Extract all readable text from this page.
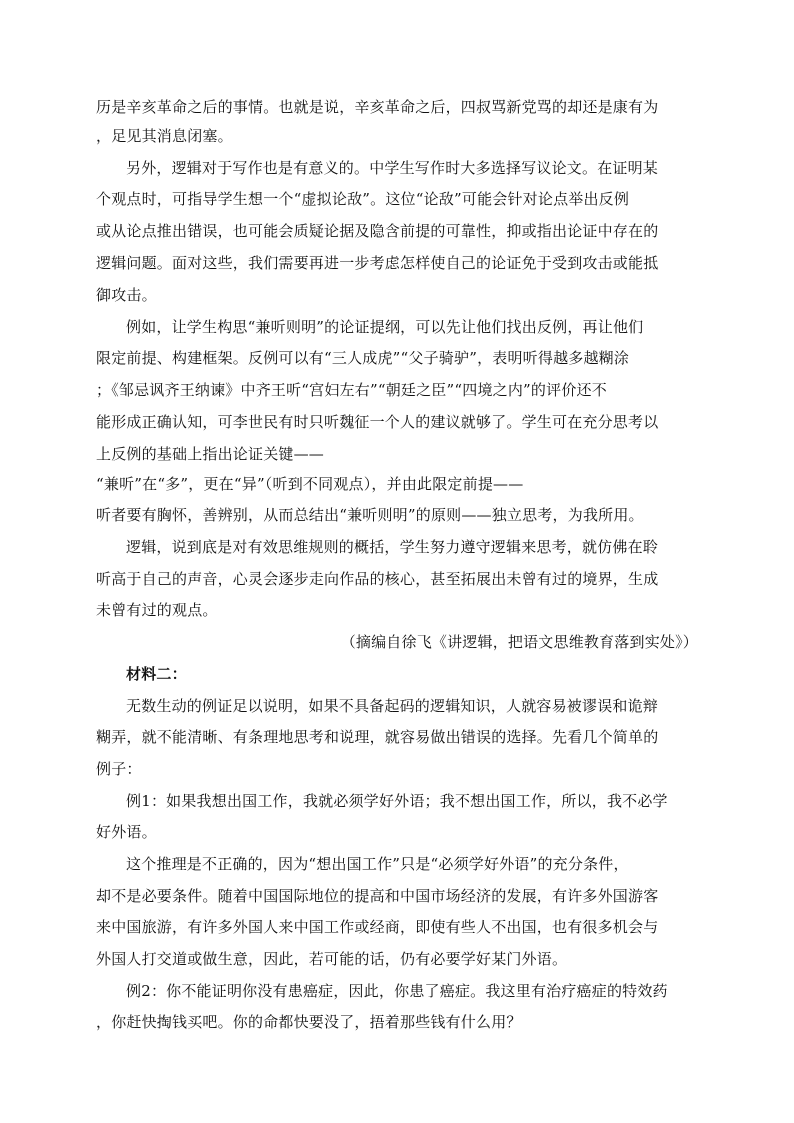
历是辛亥革命之后的事情。也就是说，辛亥革命之后，四叔骂新党骂的却还是康有为
，足见其消息闭塞。
另外，逻辑对于写作也是有意义的。中学生写作时大多选择写议论文。在证明某
个观点时，可指导学生想一个“虚拟论敌”。这位“论敌”可能会针对论点举出反例
或从论点推出错误，也可能会质疑论据及隐含前提的可靠性，抑或指出论证中存在的
逻辑问题。面对这些，我们需要再进一步考虑怎样使自己的论证免于受到攻击或能抵
御攻击。
例如，让学生构思“兼听则明”的论证提纲，可以先让他们找出反例，再让他们
限定前提、构建框架。反例可以有“三人成虎”“父子骑驴”，表明听得越多越糊涂
；《邹忌讽齐王纳谏》中齐王听“宫妇左右”“朝廷之臣”“四境之内”的评价还不
能形成正确认知，可李世民有时只听魏征一个人的建议就够了。学生可在充分思考以
上反例的基础上指出论证关键——
“兼听”在“多”，更在“异”（听到不同观点），并由此限定前提——
听者要有胸怀，善辨别，从而总结出“兼听则明”的原则——独立思考，为我所用。
逻辑，说到底是对有效思维规则的概括，学生努力遵守逻辑来思考，就仿佛在聆
听高于自己的声音，心灵会逐步走向作品的核心，甚至拓展出未曾有过的境界，生成
未曾有过的观点。
（摘编自徐飞《讲逻辑，把语文思维教育落到实处》）
材料二：
无数生动的例证足以说明，如果不具备起码的逻辑知识，人就容易被谬误和诡辩
糊弄，就不能清晰、有条理地思考和说理，就容易做出错误的选择。先看几个简单的
例子：
例1：如果我想出国工作，我就必须学好外语；我不想出国工作，所以，我不必学
好外语。
这个推理是不正确的，因为“想出国工作”只是“必须学好外语”的充分条件，
却不是必要条件。随着中国国际地位的提高和中国市场经济的发展，有许多外国游客
来中国旅游，有许多外国人来中国工作或经商，即使有些人不出国，也有很多机会与
外国人打交道或做生意，因此，若可能的话，仍有必要学好某门外语。
例2：你不能证明你没有患癌症，因此，你患了癌症。我这里有治疗癌症的特效药
，你赶快掏钱买吧。你的命都快要没了，捂着那些钱有什么用？
